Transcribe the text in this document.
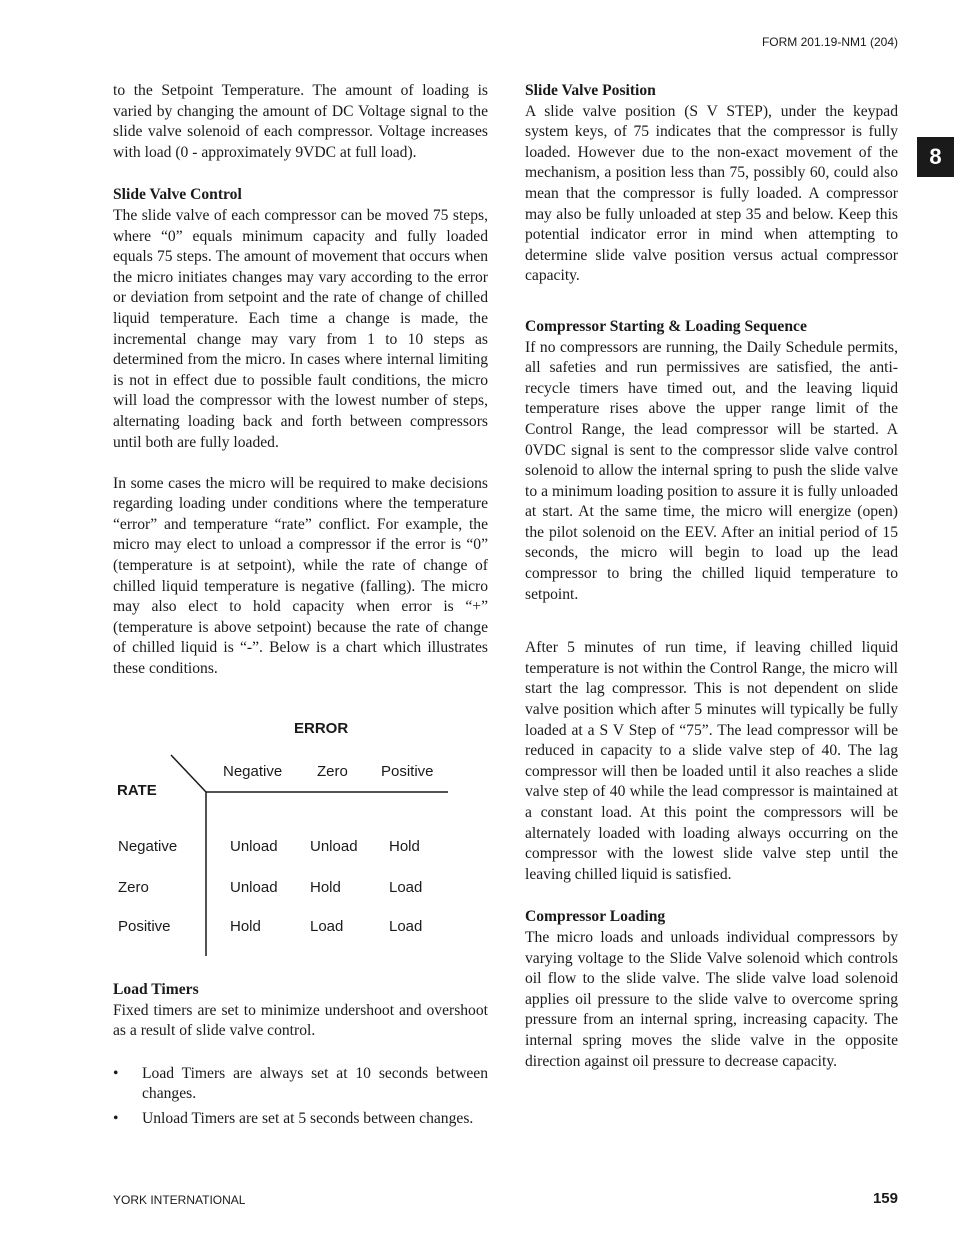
FORM 201.19-NM1 (204)
8

to the Setpoint Temperature. The amount of loading is varied by changing the amount of DC Voltage signal to the slide valve solenoid of each compressor. Voltage increases with load (0 - approximately 9VDC at full load).

Slide Valve Control

The slide valve of each compressor can be moved 75 steps, where “0” equals minimum capacity and fully loaded equals 75 steps. The amount of movement that occurs when the micro initiates changes may vary according to the error or deviation from setpoint and the rate of change of chilled liquid temperature. Each time a change is made, the incremental change may vary from 1 to 10 steps as determined from the micro. In cases where internal limiting is not in effect due to possible fault conditions, the micro will load the compressor with the lowest number of steps, alternating loading back and forth between compressors until both are fully loaded.

In some cases the micro will be required to make decisions regarding loading under conditions where the temperature “error” and temperature “rate” conflict. For example, the micro may elect to unload a compressor if the error is “0” (temperature is at setpoint), while the rate of change of chilled liquid temperature is negative (falling). The micro may also elect to hold capacity when error is “+” (temperature is above setpoint) because the rate of change of chilled liquid is “-”. Below is a chart which illustrates these conditions.

ERROR
RATE
Negative Zero Positive
Negative	Unload Unload Hold
Zero	Unload Hold	Load
Positive	Hold	Load	Load
Load Timers

Fixed timers are set to minimize undershoot and overshoot as a result of slide valve control.

• Load Timers are always set at 10 seconds between changes.
• Unload Timers are set at 5 seconds between changes.
Slide Valve Position

A slide valve position (S V STEP), under the keypad system keys, of 75 indicates that the compressor is fully loaded. However due to the non-exact movement of the mechanism, a position less than 75, possibly 60, could also mean that the compressor is fully loaded. A compressor may also be fully unloaded at step 35 and below. Keep this potential indicator error in mind when attempting to determine slide valve position versus actual compressor capacity.

Compressor Starting & Loading Sequence

If no compressors are running, the Daily Schedule permits, all safeties and run permissives are satisfied, the anti-recycle timers have timed out, and the leaving liquid temperature rises above the upper range limit of the Control Range, the lead compressor will be started. A 0VDC signal is sent to the compressor slide valve control solenoid to allow the internal spring to push the slide valve to a minimum loading position to assure it is fully unloaded at start. At the same time, the micro will energize (open) the pilot solenoid on the EEV. After an initial period of 15 seconds, the micro will begin to load up the lead compressor to bring the chilled liquid temperature to setpoint.

After 5 minutes of run time, if leaving chilled liquid temperature is not within the Control Range, the micro will start the lag compressor. This is not dependent on slide valve position which after 5 minutes will typically be fully loaded at a S V Step of “75”. The lead compressor will be reduced in capacity to a slide valve step of 40. The lag compressor will then be loaded until it also reaches a slide valve step of 40 while the lead compressor is maintained at a constant load. At this point the compressors will be alternately loaded with loading always occurring on the compressor with the lowest slide valve step until the leaving chilled liquid is satisfied.

Compressor Loading

The micro loads and unloads individual compressors by varying voltage to the Slide Valve solenoid which controls oil flow to the slide valve. The slide valve load solenoid applies oil pressure to the slide valve to overcome spring pressure from an internal spring, increasing capacity. The internal spring moves the slide valve in the opposite direction against oil pressure to decrease capacity.

YORK INTERNATIONAL	159
